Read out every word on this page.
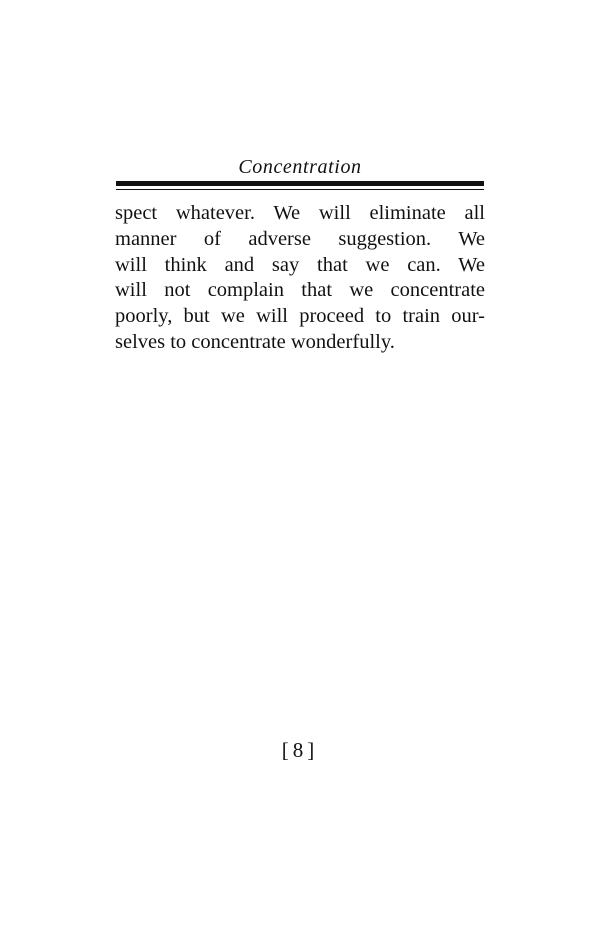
Concentration
spect whatever. We will eliminate all
manner of adverse suggestion. We
will think and say that we can. We
will not complain that we concentrate
poorly, but we will proceed to train our-
selves to concentrate wonderfully.
[8]
